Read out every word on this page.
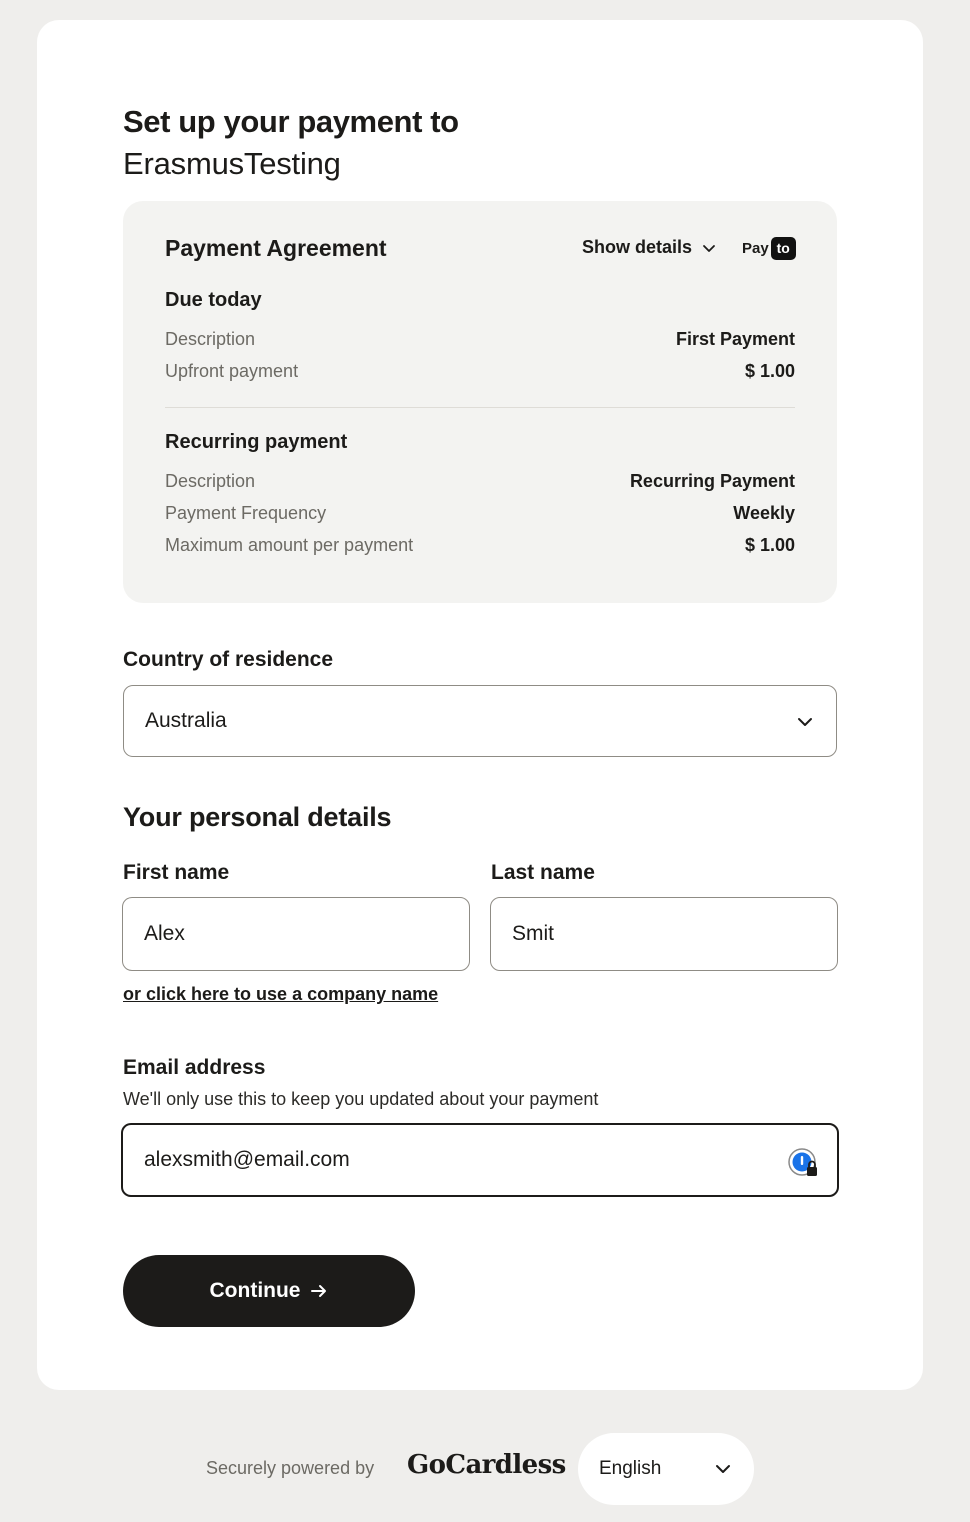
Set up your payment to
ErasmusTesting
Payment Agreement	Show details	Pay to
Due today
Description	First Payment
Upfront payment	$ 1.00
Recurring payment
Description	Recurring Payment
Payment Frequency	Weekly
Maximum amount per payment	$ 1.00
Country of residence
Australia
Your personal details
First name
Alex
Last name
Smit
or click here to use a company name
Email address
We'll only use this to keep you updated about your payment
alexsmith@email.com
Continue
Securely powered by GoCardless English
